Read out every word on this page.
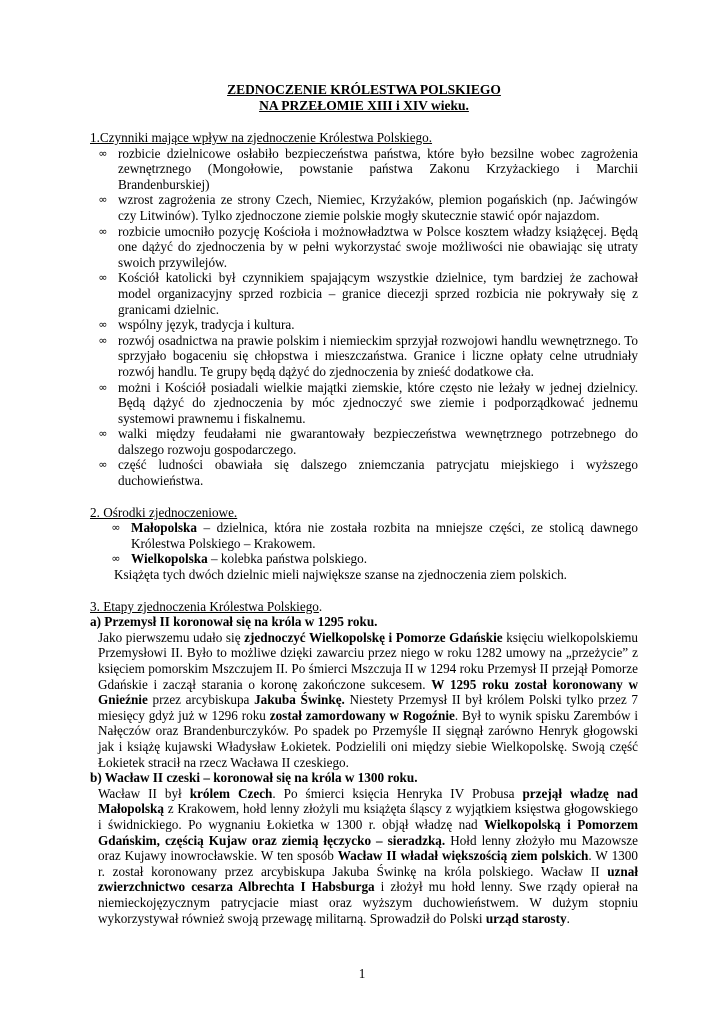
ZEDNOCZENIE KRÓLESTWA POLSKIEGO

NA PRZEŁOMIE XIII i XIV wieku.

1.Czynniki mające wpływ na zjednoczenie Królestwa Polskiego.
∞ rozbicie dzielnicowe osłabiło bezpieczeństwa państwa, które było bezsilne wobec zagrożenia zewnętrznego (Mongołowie, powstanie państwa Zakonu Krzyżackiego i Marchii Brandenburskiej)
∞ wzrost zagrożenia ze strony Czech, Niemiec, Krzyżaków, plemion pogańskich (np. Jaćwingów czy Litwinów). Tylko zjednoczone ziemie polskie mogły skutecznie stawić opór najazdom.
∞ rozbicie umocniło pozycję Kościoła i możnowładztwa w Polsce kosztem władzy książęcej. Będą one dążyć do zjednoczenia by w pełni wykorzystać swoje możliwości nie obawiając się utraty swoich przywilejów.
∞ Kościół katolicki był czynnikiem spajającym wszystkie dzielnice, tym bardziej że zachował model organizacyjny sprzed rozbicia – granice diecezji sprzed rozbicia nie pokrywały się z granicami dzielnic.
∞ wspólny język, tradycja i kultura.
∞ rozwój osadnictwa na prawie polskim i niemieckim sprzyjał rozwojowi handlu wewnętrznego. To sprzyjało bogaceniu się chłopstwa i mieszczaństwa. Granice i liczne opłaty celne utrudniały rozwój handlu. Te grupy będą dążyć do zjednoczenia by znieść dodatkowe cła.
∞ możni i Kościół posiadali wielkie majątki ziemskie, które często nie leżały w jednej dzielnicy. Będą dążyć do zjednoczenia by móc zjednoczyć swe ziemie i podporządkować jednemu systemowi prawnemu i fiskalnemu.
∞ walki między feudałami nie gwarantowały bezpieczeństwa wewnętrznego potrzebnego do dalszego rozwoju gospodarczego.
∞ część ludności obawiała się dalszego zniemczania patrycjatu miejskiego i wyższego duchowieństwa.
2. Ośrodki zjednoczeniowe.
∞ Małopolska – dzielnica, która nie została rozbita na mniejsze części, ze stolicą dawnego Królestwa Polskiego – Krakowem.
∞ Wielkopolska – kolebka państwa polskiego.
Książęta tych dwóch dzielnic mieli największe szanse na zjednoczenia ziem polskich.
3. Etapy zjednoczenia Królestwa Polskiego.
a) Przemysł II koronował się na króla w 1295 roku.

Jako pierwszemu udało się zjednoczyć Wielkopolskę i Pomorze Gdańskie księciu wielkopolskiemu Przemysłowi II. Było to możliwe dzięki zawarciu przez niego w roku 1282 umowy na „przeżycie” z księciem pomorskim Mszczujem II. Po śmierci Mszczuja II w 1294 roku Przemysł II przejął Pomorze Gdańskie i zaczął starania o koronę zakończone sukcesem. W 1295 roku został koronowany w Gnieźnie przez arcybiskupa Jakuba Świnkę. Niestety Przemysł II był królem Polski tylko przez 7 miesięcy gdyż już w 1296 roku został zamordowany w Rogoźnie. Był to wynik spisku Zarembów i Nałęczów oraz Brandenburczyków. Po spadek po Przemyśle II sięgnął zarówno Henryk głogowski jak i książę kujawski Władysław Łokietek. Podzielili oni między siebie Wielkopolskę. Swoją część Łokietek stracił na rzecz Wacława II czeskiego.

b) Wacław II czeski – koronował się na króla w 1300 roku.

Wacław II był królem Czech. Po śmierci księcia Henryka IV Probusa przejął władzę nad Małopolską z Krakowem, hołd lenny złożyli mu książęta śląscy z wyjątkiem księstwa głogowskiego i świdnickiego. Po wygnaniu Łokietka w 1300 r. objął władzę nad Wielkopolską i Pomorzem Gdańskim, częścią Kujaw oraz ziemią łęczycko – sieradzką. Hołd lenny złożyło mu Mazowsze oraz Kujawy inowrocławskie. W ten sposób Wacław II władał większością ziem polskich. W 1300 r. został koronowany przez arcybiskupa Jakuba Świnkę na króla polskiego. Wacław II uznał zwierzchnictwo cesarza Albrechta I Habsburga i złożył mu hołd lenny. Swe rządy opierał na niemieckojęzycznym patrycjacie miast oraz wyższym duchowieństwem. W dużym stopniu wykorzystywał również swoją przewagę militarną. Sprowadził do Polski urząd starosty.

1
